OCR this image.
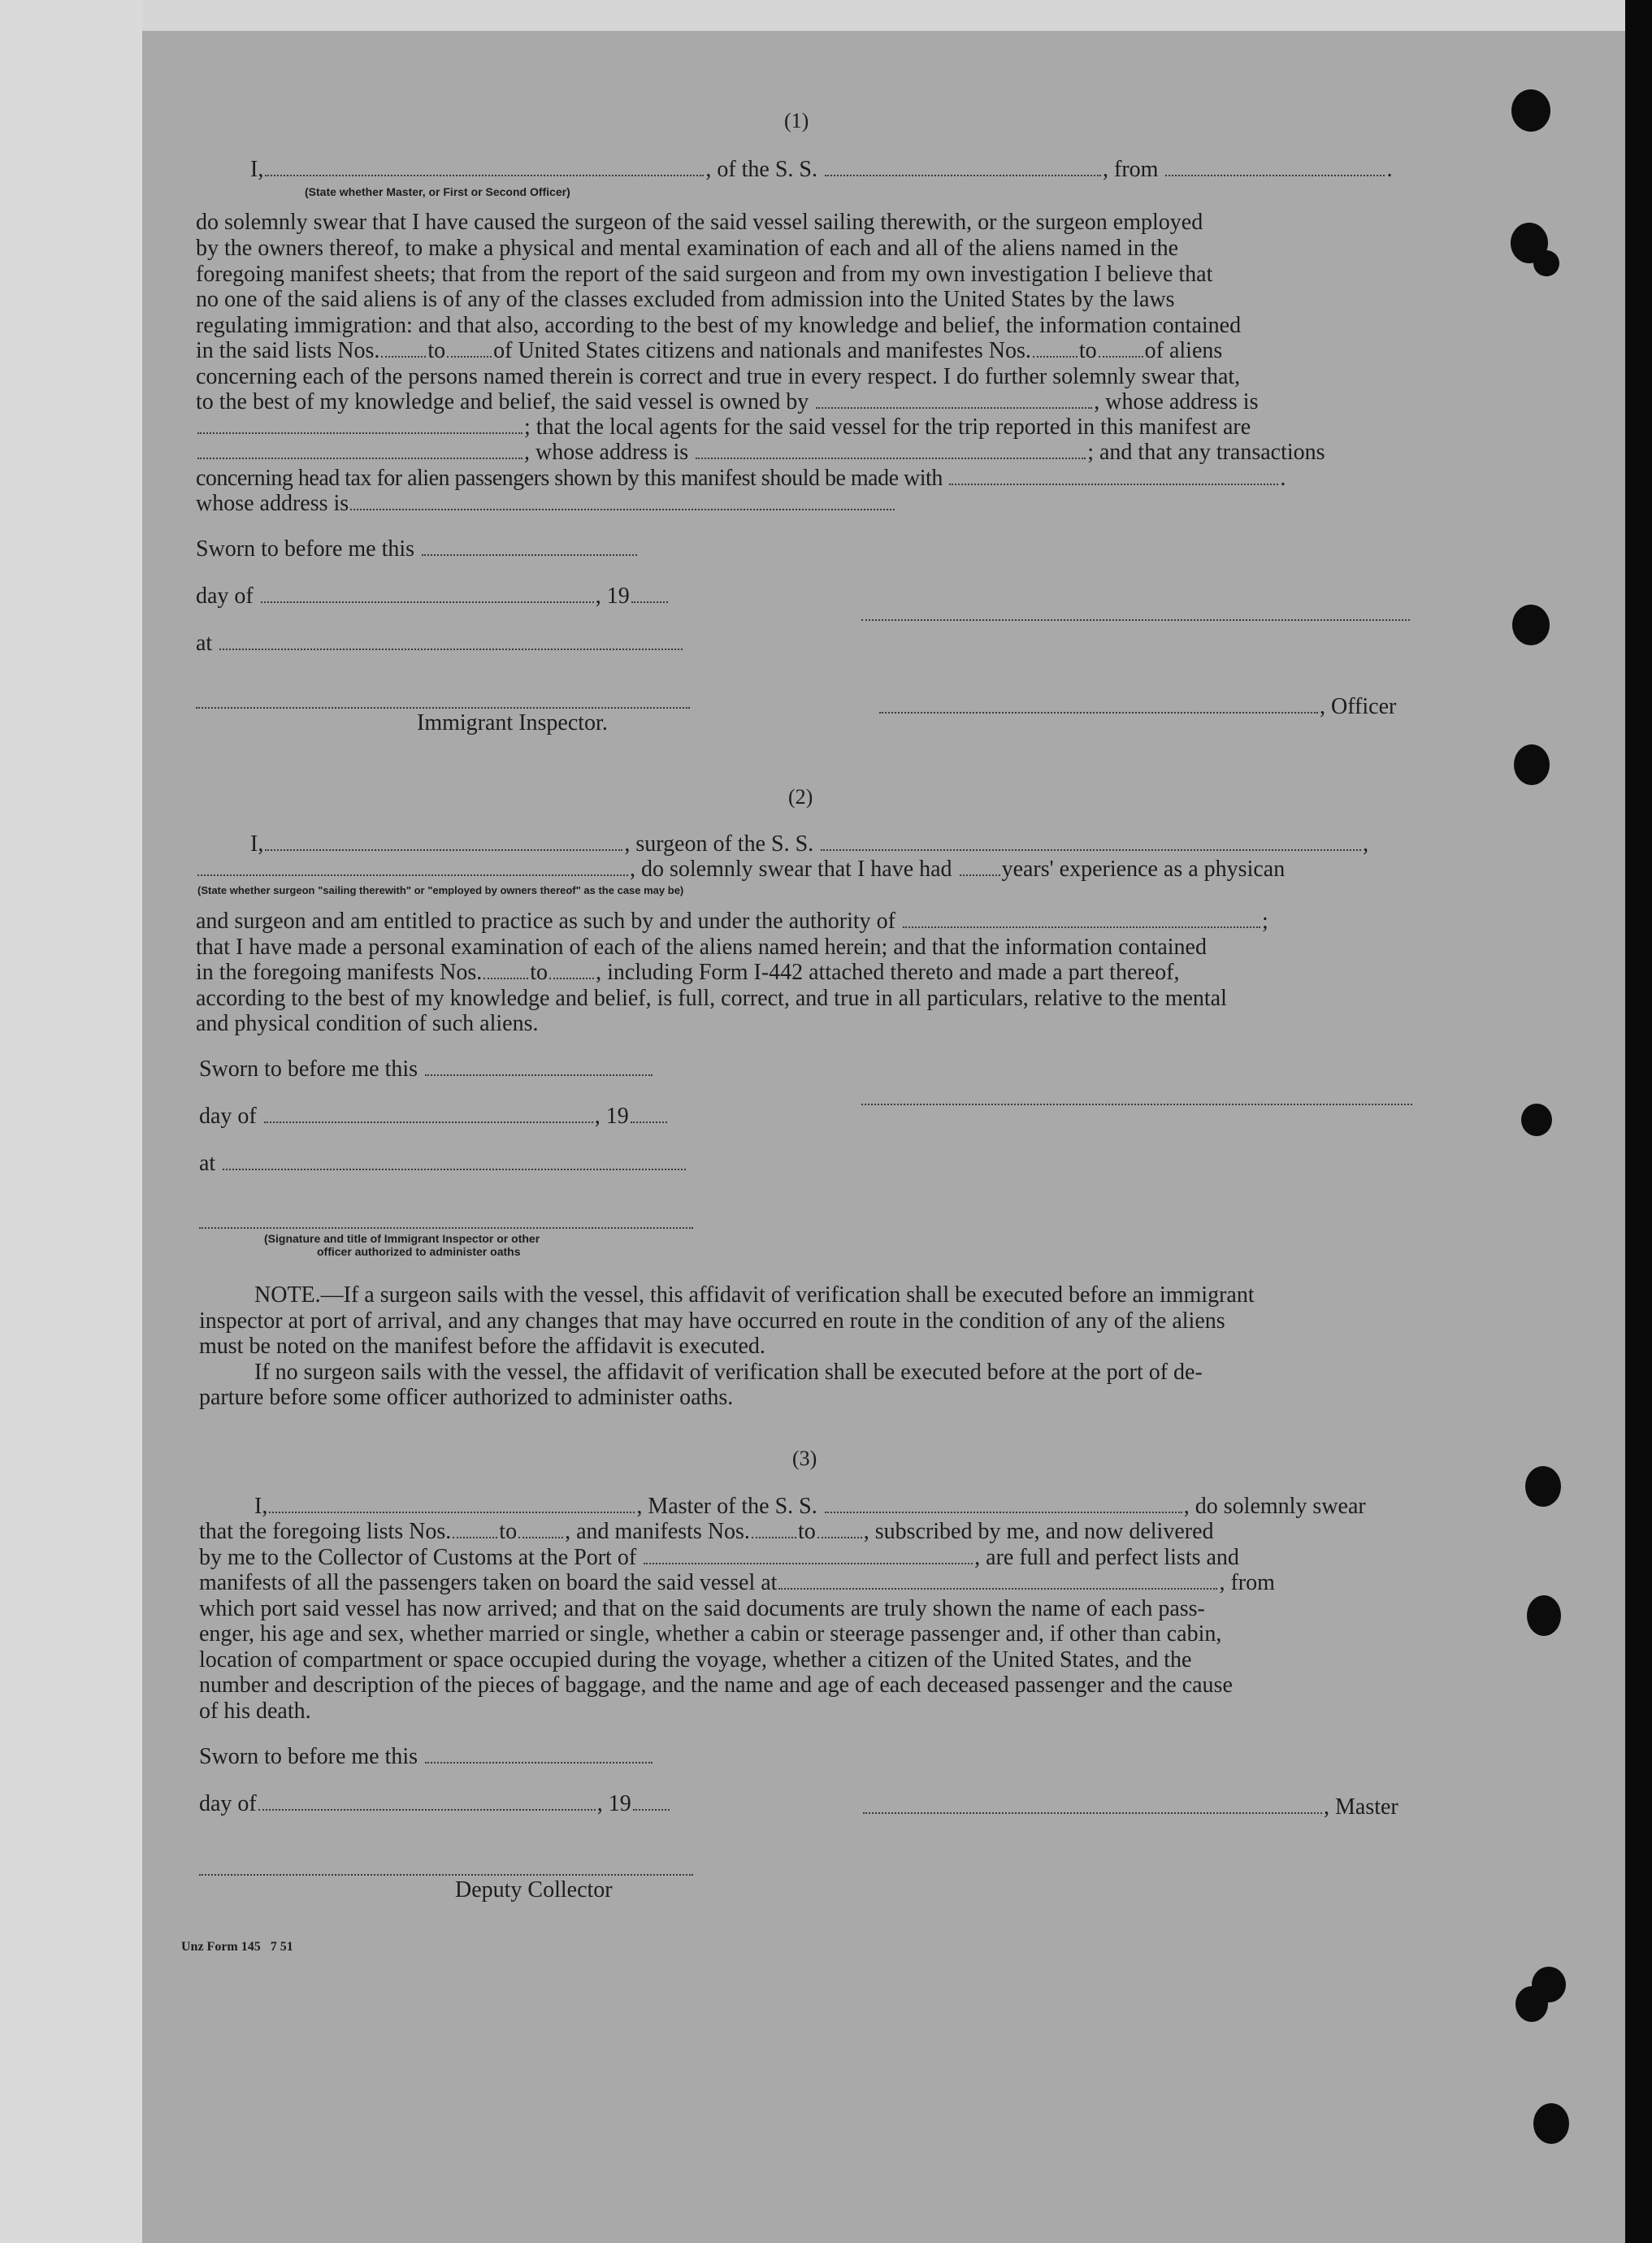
(1)
I,	, of the S. S.	, from	.
(State whether Master, or First or Second Officer)
do solemnly swear that I have caused the surgeon of the said vessel sailing therewith, or the surgeon employed
by the owners thereof, to make a physical and mental examination of each and all of the aliens named in the
foregoing manifest sheets; that from the report of the said surgeon and from my own investigation I believe that
no one of the said aliens is of any of the classes excluded from admission into the United States by the laws
regulating immigration: and that also, according to the best of my knowledge and belief, the information contained
in the said lists Nos. to of United States citizens and nationals and manifestes Nos. to of aliens
concerning each of the persons named therein is correct and true in every respect. I do further solemnly swear that,
to the best of my knowledge and belief, the said vessel is owned by	, whose address is
; that the local agents for the said vessel for the trip reported in this manifest are
, whose address is	; and that any transactions
concerning head tax for alien passengers shown by this manifest should be made with	.
whose address is
Sworn to before me this
day of	, 19
at
, Officer
Immigrant Inspector.
(2)
I,	, surgeon of the S. S.	,
, do solemnly swear that I have had years' experience as a physican
(State whether surgeon "sailing therewith" or "employed by owners thereof" as the case may be)
and surgeon and am entitled to practice as such by and under the authority of	;
that I have made a personal examination of each of the aliens named herein; and that the information contained
in the foregoing manifests Nos. to , including Form I-442 attached thereto and made a part thereof,
according to the best of my knowledge and belief, is full, correct, and true in all particulars, relative to the mental
and physical condition of such aliens.
Sworn to before me this
day of	, 19
at
(Signature and title of Immigrant Inspector or other
officer authorized to administer oaths
NOTE.—If a surgeon sails with the vessel, this affidavit of verification shall be executed before an immigrant
inspector at port of arrival, and any changes that may have occurred en route in the condition of any of the aliens
must be noted on the manifest before the affidavit is executed.
If no surgeon sails with the vessel, the affidavit of verification shall be executed before at the port of de-
parture before some officer authorized to administer oaths.
(3)
I,	, Master of the S. S.	, do solemnly swear
that the foregoing lists Nos. to , and manifests Nos. to , subscribed by me, and now delivered
by me to the Collector of Customs at the Port of	, are full and perfect lists and
manifests of all the passengers taken on board the said vessel at	, from
which port said vessel has now arrived; and that on the said documents are truly shown the name of each pass-
enger, his age and sex, whether married or single, whether a cabin or steerage passenger and, if other than cabin,
location of compartment or space occupied during the voyage, whether a citizen of the United States, and the
number and description of the pieces of baggage, and the name and age of each deceased passenger and the cause
of his death.
Sworn to before me this
day of	, 19	, Master
Deputy Collector
Unz Form 145   7 51
